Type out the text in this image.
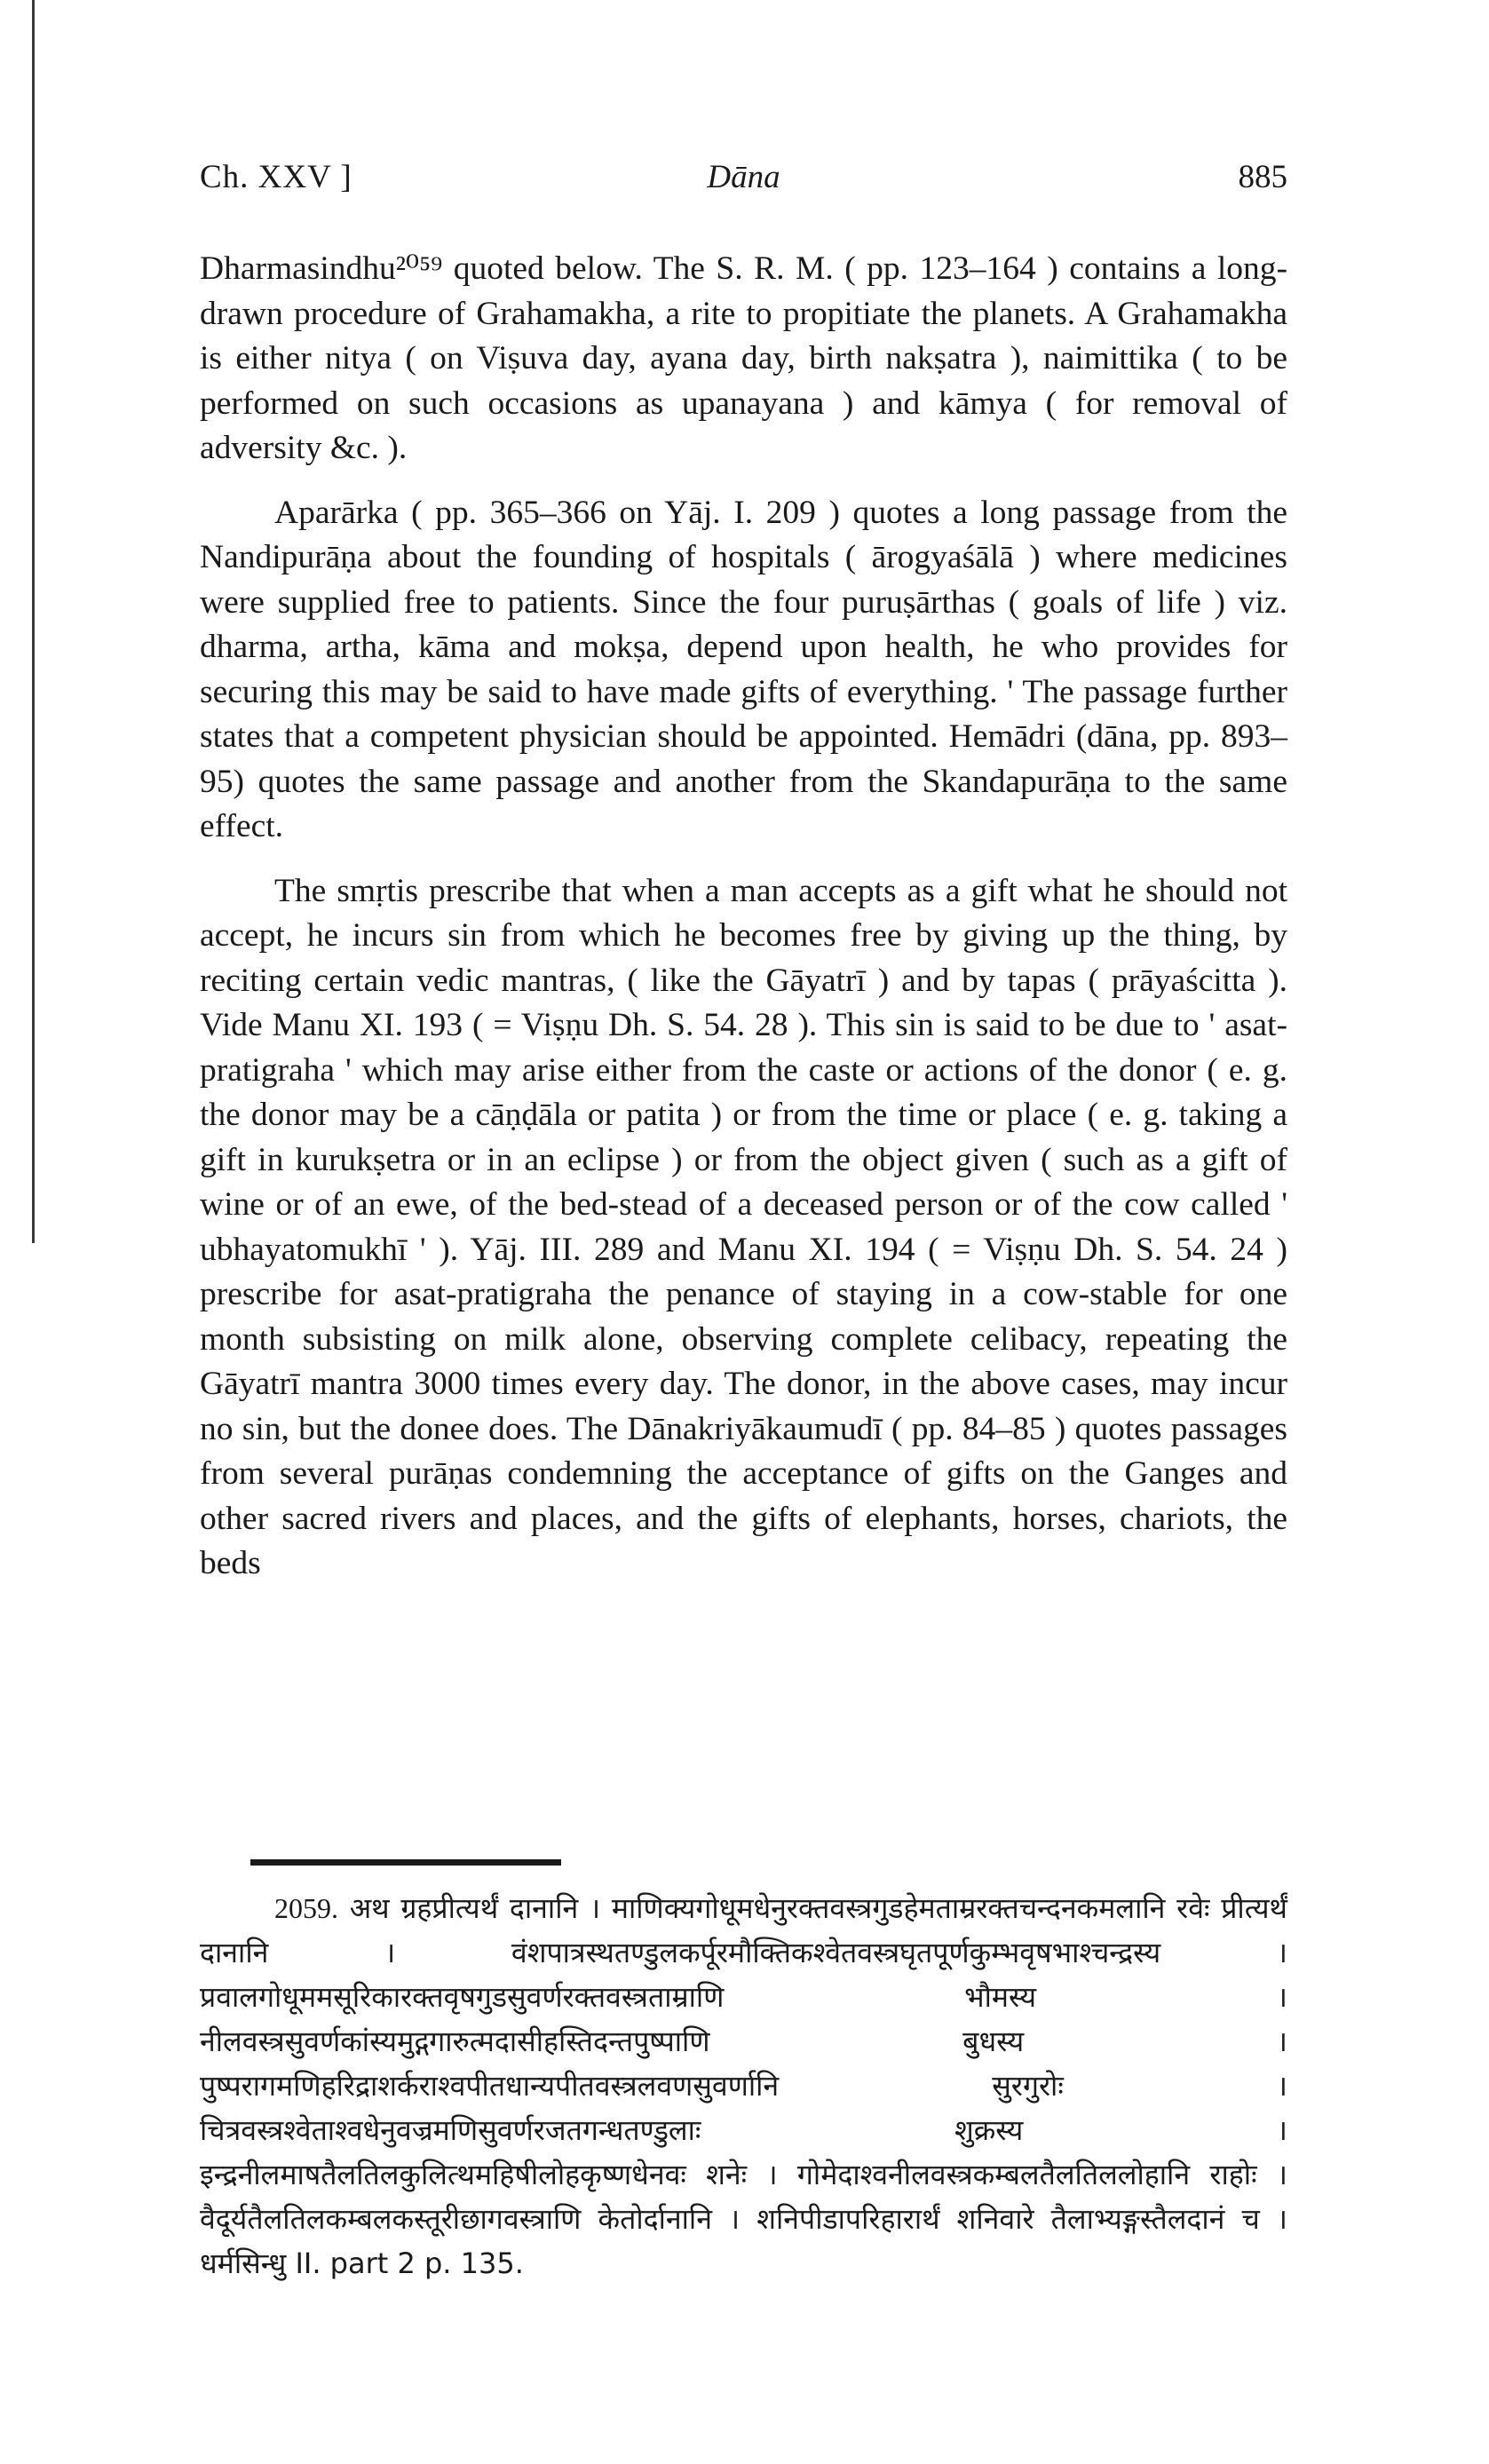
Ch. XXV ]	Dāna	885

Dharmasindhu²⁰⁵⁹ quoted below. The S. R. M. ( pp. 123–164 ) contains a long-drawn procedure of Grahamakha, a rite to propitiate the planets. A Grahamakha is either nitya ( on Viṣuva day, ayana day, birth nakṣatra ), naimittika ( to be performed on such occasions as upanayana ) and kāmya ( for removal of adversity &c. ).

Aparārka ( pp. 365–366 on Yāj. I. 209 ) quotes a long passage from the Nandipurāṇa about the founding of hospitals ( ārogyaśālā ) where medicines were supplied free to patients. Since the four puruṣārthas ( goals of life ) viz. dharma, artha, kāma and mokṣa, depend upon health, he who provides for securing this may be said to have made gifts of everything. ' The passage further states that a competent physician should be appointed. Hemādri (dāna, pp. 893–95) quotes the same passage and another from the Skandapurāṇa to the same effect.

The smṛtis prescribe that when a man accepts as a gift what he should not accept, he incurs sin from which he becomes free by giving up the thing, by reciting certain vedic mantras, ( like the Gāyatrī ) and by tapas ( prāyaścitta ). Vide Manu XI. 193 ( = Viṣṇu Dh. S. 54. 28 ). This sin is said to be due to ' asat-pratigraha ' which may arise either from the caste or actions of the donor ( e. g. the donor may be a cāṇḍāla or patita ) or from the time or place ( e. g. taking a gift in kurukṣetra or in an eclipse ) or from the object given ( such as a gift of wine or of an ewe, of the bed-stead of a deceased person or of the cow called ' ubhayatomukhī ' ). Yāj. III. 289 and Manu XI. 194 ( = Viṣṇu Dh. S. 54. 24 ) prescribe for asat-pratigraha the penance of staying in a cow-stable for one month subsisting on milk alone, observing complete celibacy, repeating the Gāyatrī mantra 3000 times every day. The donor, in the above cases, may incur no sin, but the donee does. The Dānakriyākaumudī ( pp. 84–85 ) quotes passages from several purāṇas condemning the acceptance of gifts on the Ganges and other sacred rivers and places, and the gifts of elephants, horses, chariots, the beds

2059. अथ ग्रहप्रीत्यर्थं दानानि । माणिक्यगोधूमधेनुरक्तवस्त्रगुडहेमताम्ररक्तचन्दनकमलानि रवेः प्रीत्यर्थं दानानि । वंशपात्रस्थतण्डुलकर्पूरमौक्तिकश्वेतवस्त्रघृतपूर्णकुम्भवृषभाश्चन्द्रस्य । प्रवालगोधूममसूरिकारक्तवृषगुडसुवर्णरक्तवस्त्रताम्राणि भौमस्य । नीलवस्त्रसुवर्णकांस्यमुद्गगारुत्मदासीहस्तिदन्तपुष्पाणि बुधस्य । पुष्परागमणिहरिद्राशर्कराश्वपीतधान्यपीतवस्त्रलवणसुवर्णानि सुरगुरोः । चित्रवस्त्रश्वेताश्वधेनुवज्रमणिसुवर्णरजतगन्धतण्डुलाः शुक्रस्य । इन्द्रनीलमाषतैलतिलकुलित्थमहिषीलोहकृष्णधेनवः शनेः । गोमेदाश्वनीलवस्त्रकम्बलतैलतिललोहानि राहोः । वैदूर्यतैलतिलकम्बलकस्तूरीछागवस्त्राणि केतोर्दानानि । शनिपीडापरिहारार्थं शनिवारे तैलाभ्यङ्गस्तैलदानं च । धर्मसिन्धु II. part 2 p. 135.
